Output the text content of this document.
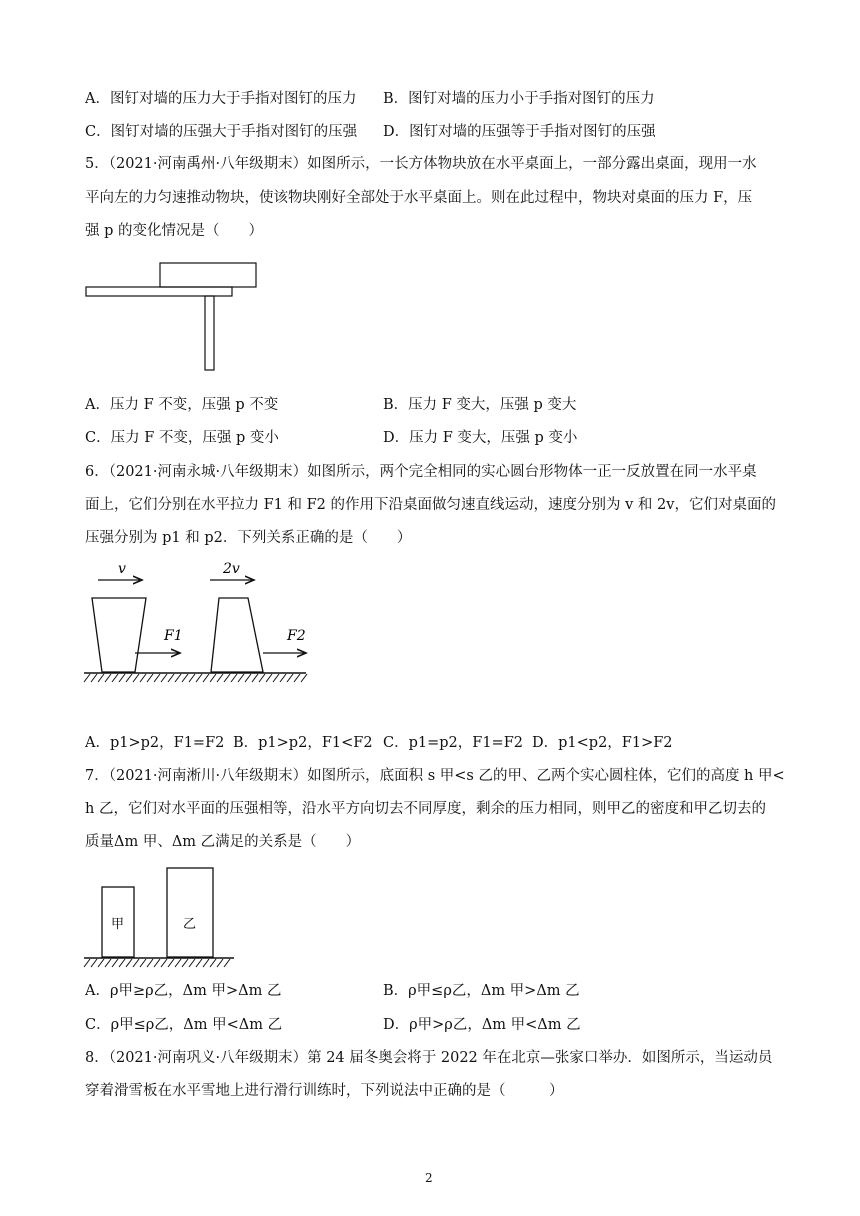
A．图钉对墙的压力大于手指对图钉的压力 B．图钉对墙的压力小于手指对图钉的压力
C．图钉对墙的压强大于手指对图钉的压强 D．图钉对墙的压强等于手指对图钉的压强
5．（2021·河南禹州·八年级期末）如图所示，一长方体物块放在水平桌面上，一部分露出桌面，现用一水
平向左的力匀速推动物块，使该物块刚好全部处于水平桌面上。则在此过程中，物块对桌面的压力 F，压
强 p 的变化情况是（　　）
A．压力 F 不变，压强 p 不变	B．压力 F 变大，压强 p 变大
C．压力 F 不变，压强 p 变小	D．压力 F 变大，压强 p 变小
6．（2021·河南永城·八年级期末）如图所示，两个完全相同的实心圆台形物体一正一反放置在同一水平桌
面上，它们分别在水平拉力 F1 和 F2 的作用下沿桌面做匀速直线运动，速度分别为 v 和 2v，它们对桌面的
压强分别为 p1 和 p2．下列关系正确的是（　　）
v	2v
F1	F2
A．p1>p2，F1=F2 B．p1>p2，F1<F2 C．p1=p2，F1=F2 D．p1<p2，F1>F2
7．（2021·河南淅川·八年级期末）如图所示，底面积 s 甲<s 乙的甲、乙两个实心圆柱体，它们的高度 h 甲<
h 乙，它们对水平面的压强相等，沿水平方向切去不同厚度，剩余的压力相同，则甲乙的密度和甲乙切去的
质量Δm 甲、Δm 乙满足的关系是（　　）
甲	乙
A．ρ甲≥ρ乙，Δm 甲>Δm 乙	B．ρ甲≤ρ乙，Δm 甲>Δm 乙
C．ρ甲≤ρ乙，Δm 甲<Δm 乙	D．ρ甲>ρ乙，Δm 甲<Δm 乙
8．（2021·河南巩义·八年级期末）第 24 届冬奥会将于 2022 年在北京—张家口举办．如图所示，当运动员
穿着滑雪板在水平雪地上进行滑行训练时，下列说法中正确的是（　　　）
2
